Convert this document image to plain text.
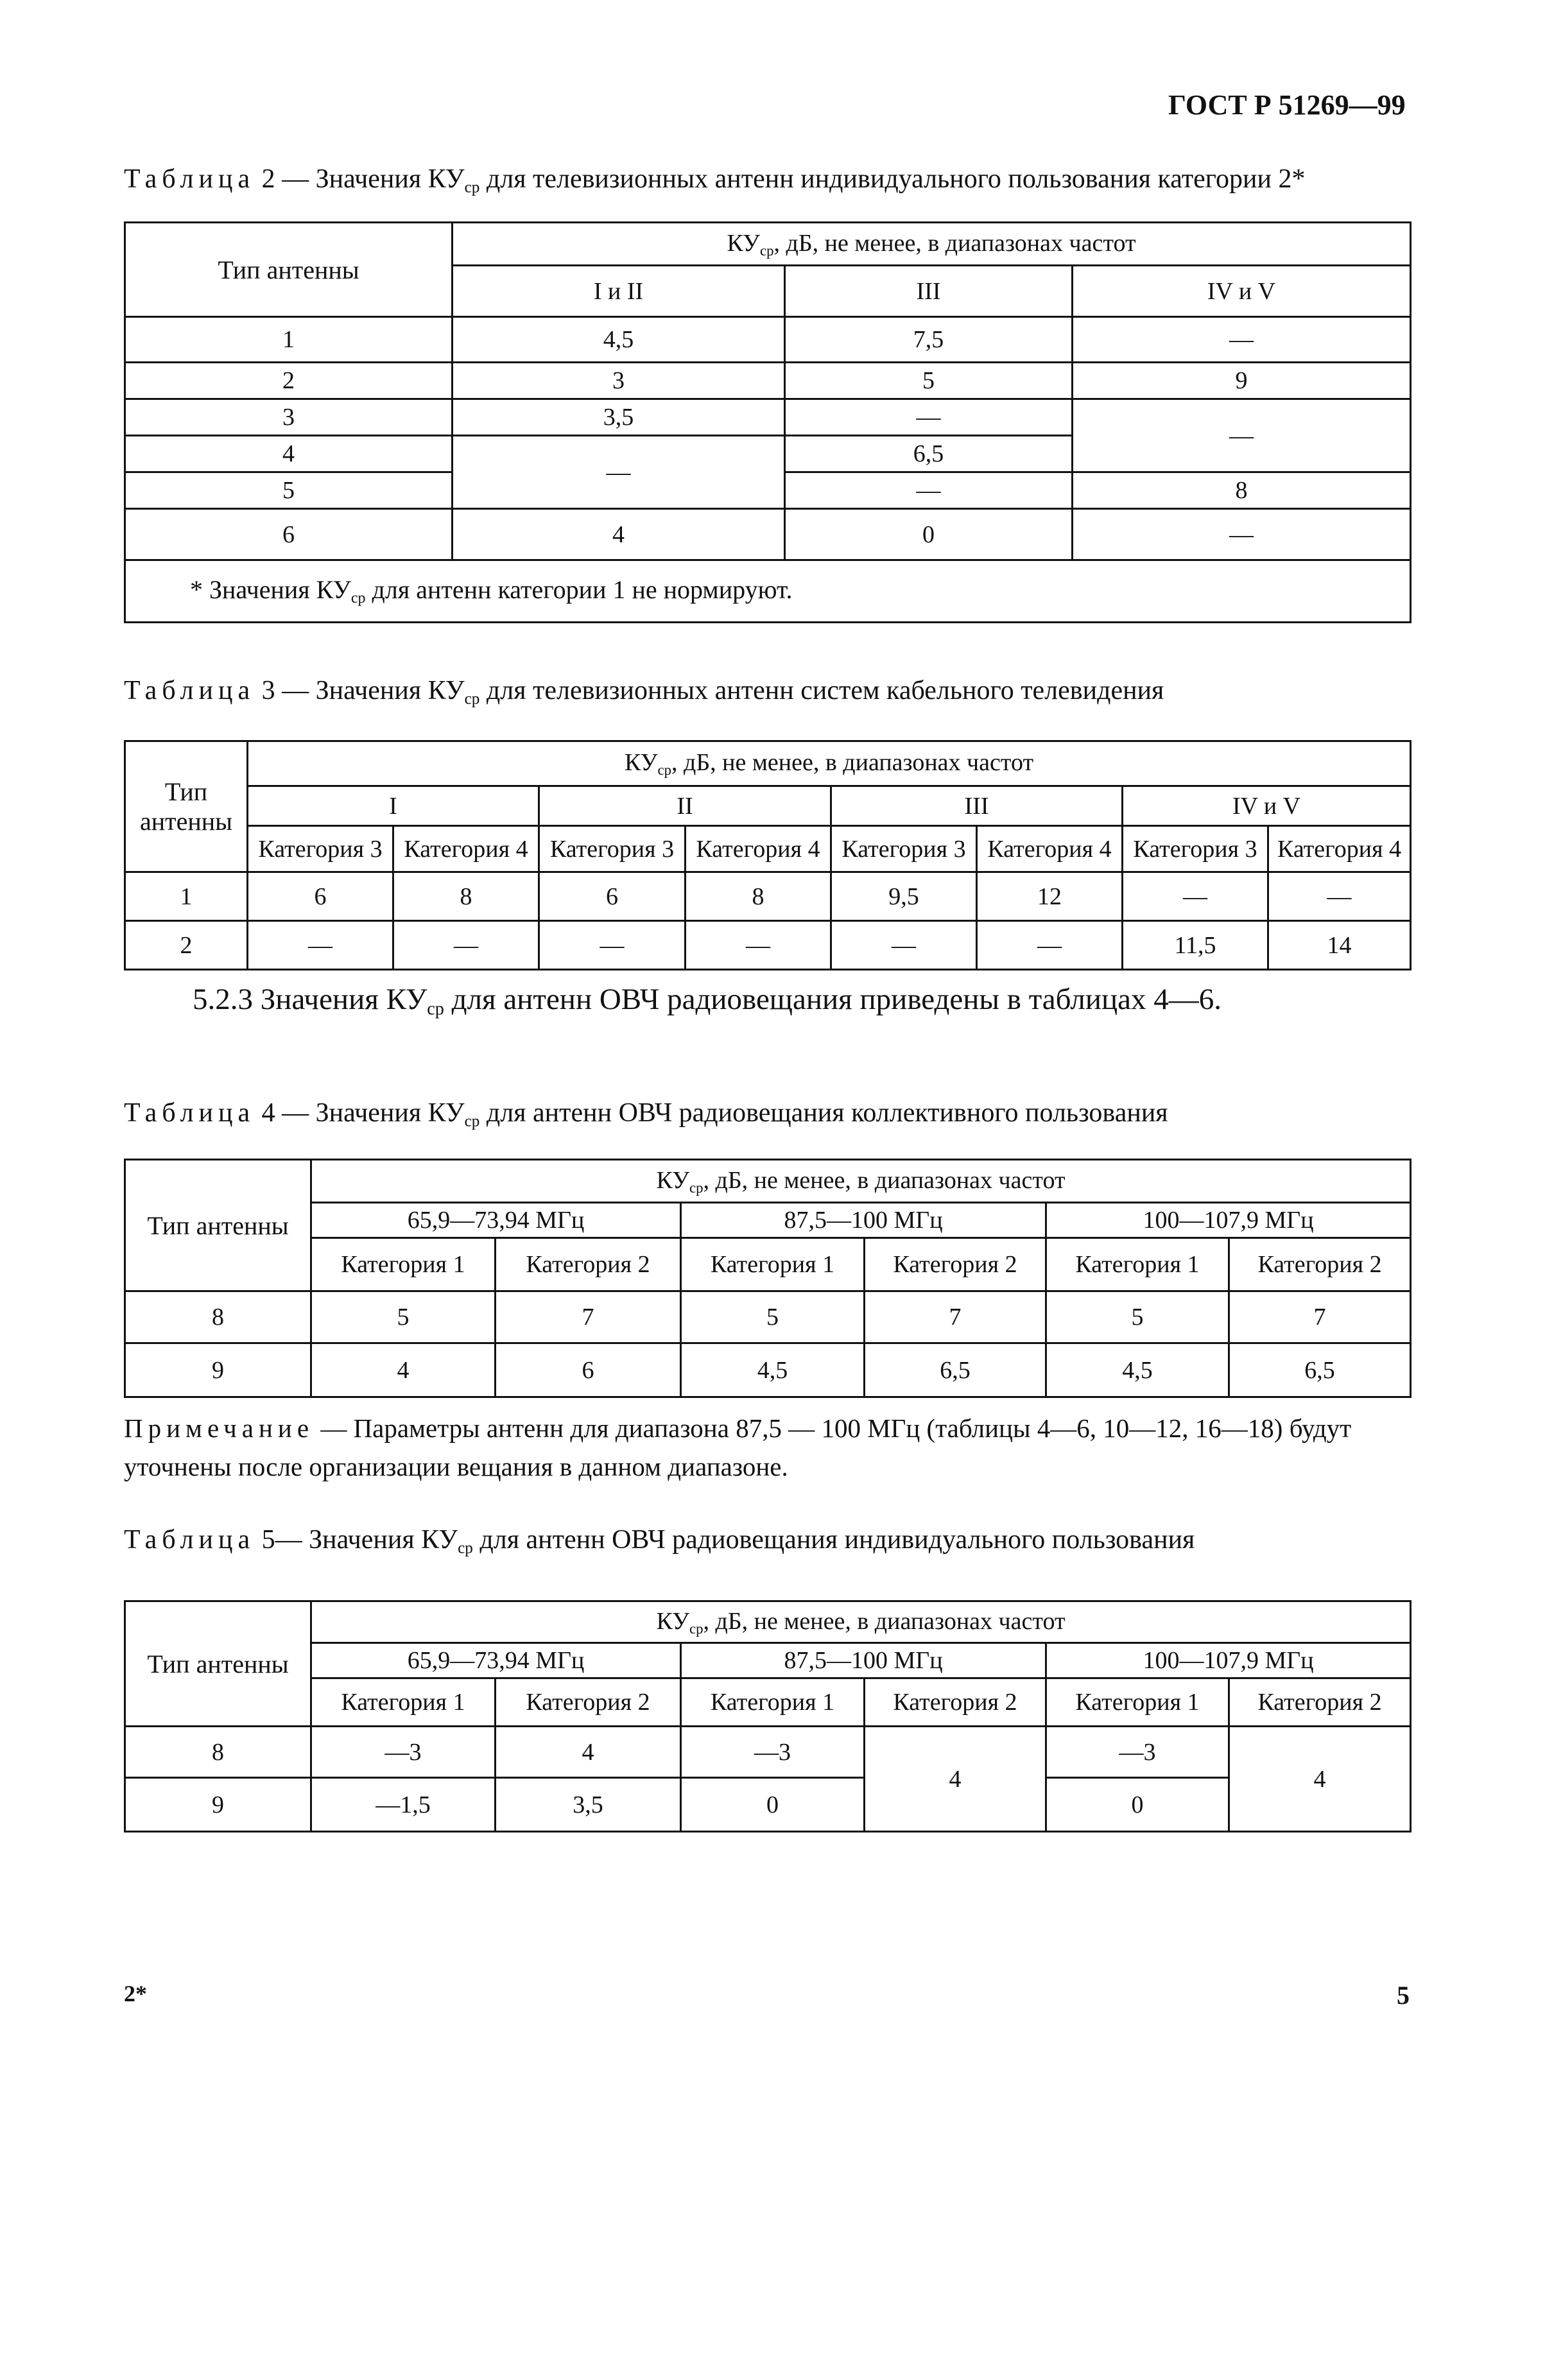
ГОСТ Р 51269—99
Таблица 2 — Значения $КУ_{ср}$ для телевизионных антенн индивидуального пользования категории 2*
Тип антенны	$КУ_{ср}$, дБ, не менее, в диапазонах частот		
	I и II	III	IV и V
1	4,5	7,5	—
2	3	5	9
3	3,5	—	—
4	—	6,5	
5		—	8
6	4	0	—
* Значения $КУ_{ср}$ для антенн категории 1 не нормируют.			
Таблица 3 — Значения $КУ_{ср}$ для телевизионных антенн систем кабельного телевидения
Тип
антенны	$КУ_{ср}$, дБ, не менее, в диапазонах частот							
	I		II		III		IV и V	
	Категория 3	Категория 4	Категория 3	Категория 4	Категория 3	Категория 4	Категория 3	Категория 4
1	6	8	6	8	9,5	12	—	—
2	—	—	—	—	—	—	11,5	14
5.2.3 Значения $КУ_{ср}$ для антенн ОВЧ радиовещания приведены в таблицах 4—6.
Таблица 4 — Значения $КУ_{ср}$ для антенн ОВЧ радиовещания коллективного пользования
Тип антенны	$КУ_{ср}$, дБ, не менее, в диапазонах частот					
	65,9—73,94 МГц		87,5—100 МГц		100—107,9 МГц	
	Категория 1	Категория 2	Категория 1	Категория 2	Категория 1	Категория 2
8	5	7	5	7	5	7
9	4	6	4,5	6,5	4,5	6,5
Примечание — Параметры антенн для диапазона 87,5 — 100 МГц (таблицы 4—6, 10—12, 16—18) будут уточнены после организации вещания в данном диапазоне.
Таблица 5— Значения $КУ_{ср}$ для антенн ОВЧ радиовещания индивидуального пользования
Тип антенны	$КУ_{ср}$, дБ, не менее, в диапазонах частот					
	65,9—73,94 МГц		87,5—100 МГц		100—107,9 МГц	
	Категория 1	Категория 2	Категория 1	Категория 2	Категория 1	Категория 2
8	—3	4	—3	4	—3	4
9	—1,5	3,5	0		0	
2*	5
